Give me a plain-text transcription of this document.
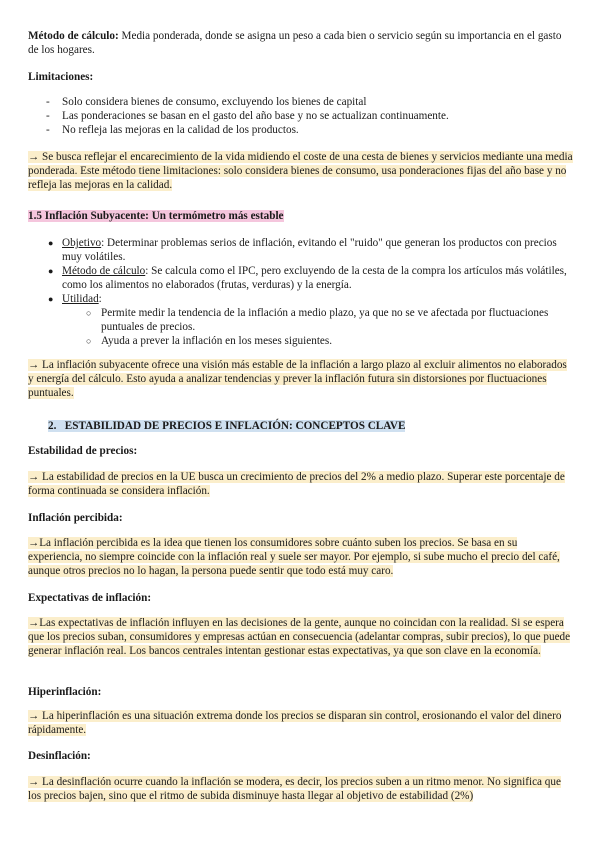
Método de cálculo: Media ponderada, donde se asigna un peso a cada bien o servicio según su importancia en el gasto de los hogares.

Limitaciones:

- Solo considera bienes de consumo, excluyendo los bienes de capital
- Las ponderaciones se basan en el gasto del año base y no se actualizan continuamente.
- No refleja las mejoras en la calidad de los productos.

→ Se busca reflejar el encarecimiento de la vida midiendo el coste de una cesta de bienes y servicios mediante una media ponderada. Este método tiene limitaciones: solo considera bienes de consumo, usa ponderaciones fijas del año base y no refleja las mejoras en la calidad.

1.5 Inflación Subyacente: Un termómetro más estable

● Objetivo: Determinar problemas serios de inflación, evitando el "ruido" que generan los productos con precios muy volátiles.
● Método de cálculo: Se calcula como el IPC, pero excluyendo de la cesta de la compra los artículos más volátiles, como los alimentos no elaborados (frutas, verduras) y la energía.
● Utilidad:
○ Permite medir la tendencia de la inflación a medio plazo, ya que no se ve afectada por fluctuaciones puntuales de precios.
○ Ayuda a prever la inflación en los meses siguientes.

→ La inflación subyacente ofrece una visión más estable de la inflación a largo plazo al excluir alimentos no elaborados y energía del cálculo. Esto ayuda a analizar tendencias y prever la inflación futura sin distorsiones por fluctuaciones puntuales.

2. ESTABILIDAD DE PRECIOS E INFLACIÓN: CONCEPTOS CLAVE

Estabilidad de precios:

→ La estabilidad de precios en la UE busca un crecimiento de precios del 2% a medio plazo. Superar este porcentaje de forma continuada se considera inflación.

Inflación percibida:

→La inflación percibida es la idea que tienen los consumidores sobre cuánto suben los precios. Se basa en su experiencia, no siempre coincide con la inflación real y suele ser mayor. Por ejemplo, si sube mucho el precio del café, aunque otros precios no lo hagan, la persona puede sentir que todo está muy caro.

Expectativas de inflación:

→Las expectativas de inflación influyen en las decisiones de la gente, aunque no coincidan con la realidad. Si se espera que los precios suban, consumidores y empresas actúan en consecuencia (adelantar compras, subir precios), lo que puede generar inflación real. Los bancos centrales intentan gestionar estas expectativas, ya que son clave en la economía.

Hiperinflación:

→ La hiperinflación es una situación extrema donde los precios se disparan sin control, erosionando el valor del dinero rápidamente.

Desinflación:

→ La desinflación ocurre cuando la inflación se modera, es decir, los precios suben a un ritmo menor. No significa que los precios bajen, sino que el ritmo de subida disminuye hasta llegar al objetivo de estabilidad (2%)
